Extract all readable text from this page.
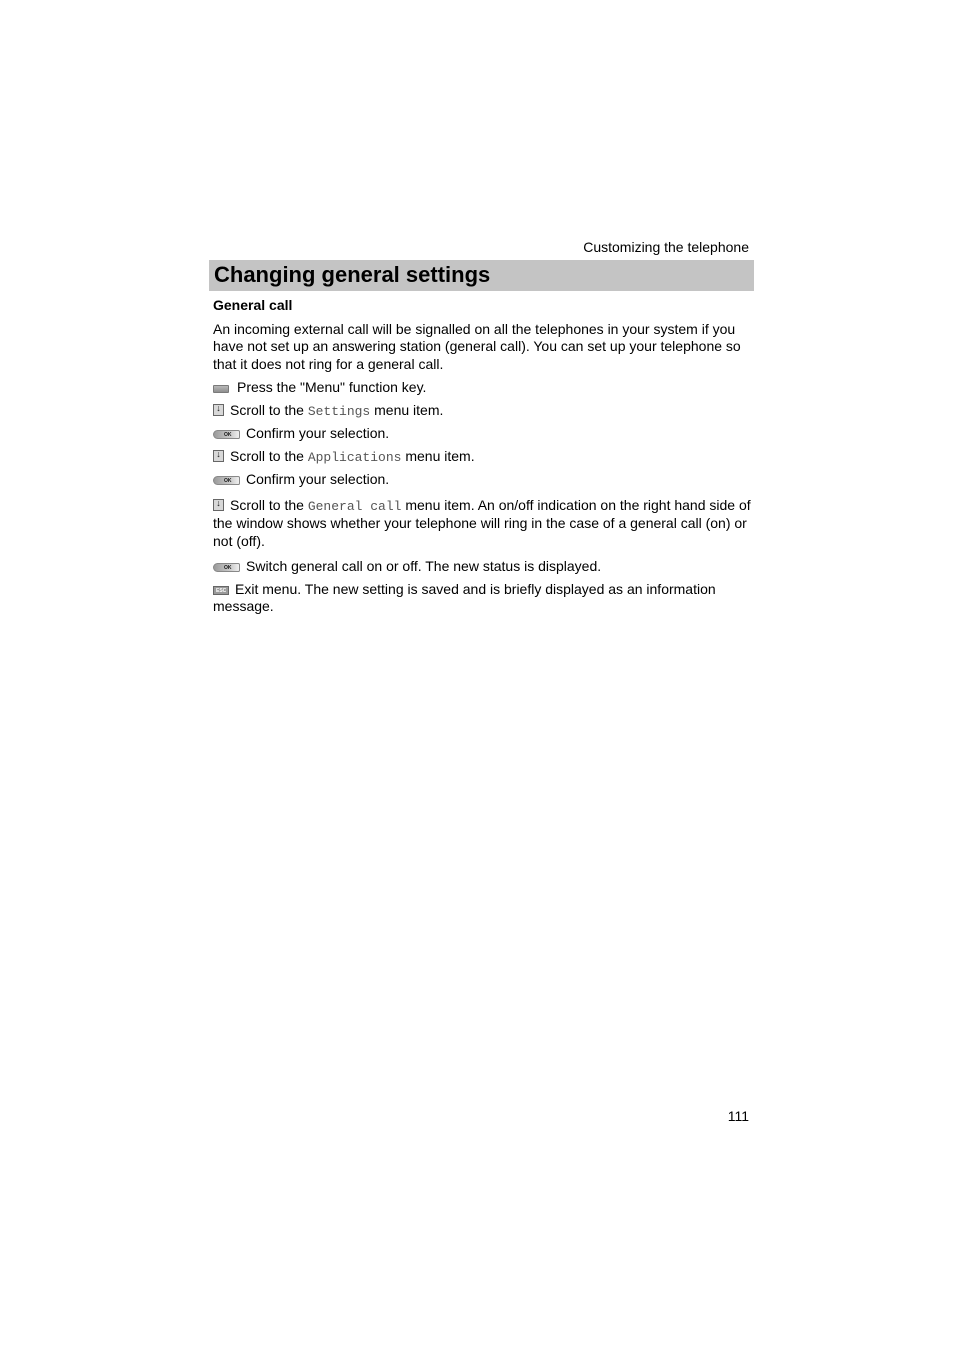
Customizing the telephone
Changing general settings
General call
An incoming external call will be signalled on all the telephones in your system if you have not set up an answering station (general call). You can set up your telephone so that it does not ring for a general call.
Press the "Menu" function key.
↓ Scroll to the Settings menu item.
OK Confirm your selection.
↓ Scroll to the Applications menu item.
OK Confirm your selection.
↓ Scroll to the General call menu item. An on/off indication on the right hand side of the window shows whether your telephone will ring in the case of a general call (on) or not (off).
OK Switch general call on or off. The new status is displayed.
ESC Exit menu. The new setting is saved and is briefly displayed as an information message.
111
